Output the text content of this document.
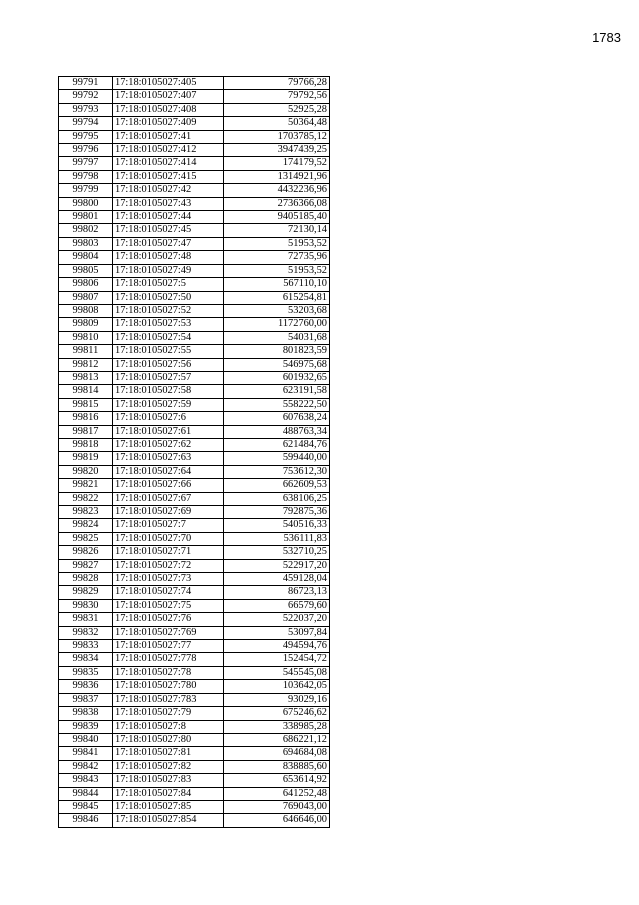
1783
99791	17:18:0105027:405	79766,28
99792	17:18:0105027:407	79792,56
99793	17:18:0105027:408	52925,28
99794	17:18:0105027:409	50364,48
99795	17:18:0105027:41	1703785,12
99796	17:18:0105027:412	3947439,25
99797	17:18:0105027:414	174179,52
99798	17:18:0105027:415	1314921,96
99799	17:18:0105027:42	4432236,96
99800	17:18:0105027:43	2736366,08
99801	17:18:0105027:44	9405185,40
99802	17:18:0105027:45	72130,14
99803	17:18:0105027:47	51953,52
99804	17:18:0105027:48	72735,96
99805	17:18:0105027:49	51953,52
99806	17:18:0105027:5	567110,10
99807	17:18:0105027:50	615254,81
99808	17:18:0105027:52	53203,68
99809	17:18:0105027:53	1172760,00
99810	17:18:0105027:54	54031,68
99811	17:18:0105027:55	801823,59
99812	17:18:0105027:56	546975,68
99813	17:18:0105027:57	601932,65
99814	17:18:0105027:58	623191,58
99815	17:18:0105027:59	558222,50
99816	17:18:0105027:6	607638,24
99817	17:18:0105027:61	488763,34
99818	17:18:0105027:62	621484,76
99819	17:18:0105027:63	599440,00
99820	17:18:0105027:64	753612,30
99821	17:18:0105027:66	662609,53
99822	17:18:0105027:67	638106,25
99823	17:18:0105027:69	792875,36
99824	17:18:0105027:7	540516,33
99825	17:18:0105027:70	536111,83
99826	17:18:0105027:71	532710,25
99827	17:18:0105027:72	522917,20
99828	17:18:0105027:73	459128,04
99829	17:18:0105027:74	86723,13
99830	17:18:0105027:75	66579,60
99831	17:18:0105027:76	522037,20
99832	17:18:0105027:769	53097,84
99833	17:18:0105027:77	494594,76
99834	17:18:0105027:778	152454,72
99835	17:18:0105027:78	545545,08
99836	17:18:0105027:780	103642,05
99837	17:18:0105027:783	93029,16
99838	17:18:0105027:79	675246,62
99839	17:18:0105027:8	338985,28
99840	17:18:0105027:80	686221,12
99841	17:18:0105027:81	694684,08
99842	17:18:0105027:82	838885,60
99843	17:18:0105027:83	653614,92
99844	17:18:0105027:84	641252,48
99845	17:18:0105027:85	769043,00
99846	17:18:0105027:854	646646,00
